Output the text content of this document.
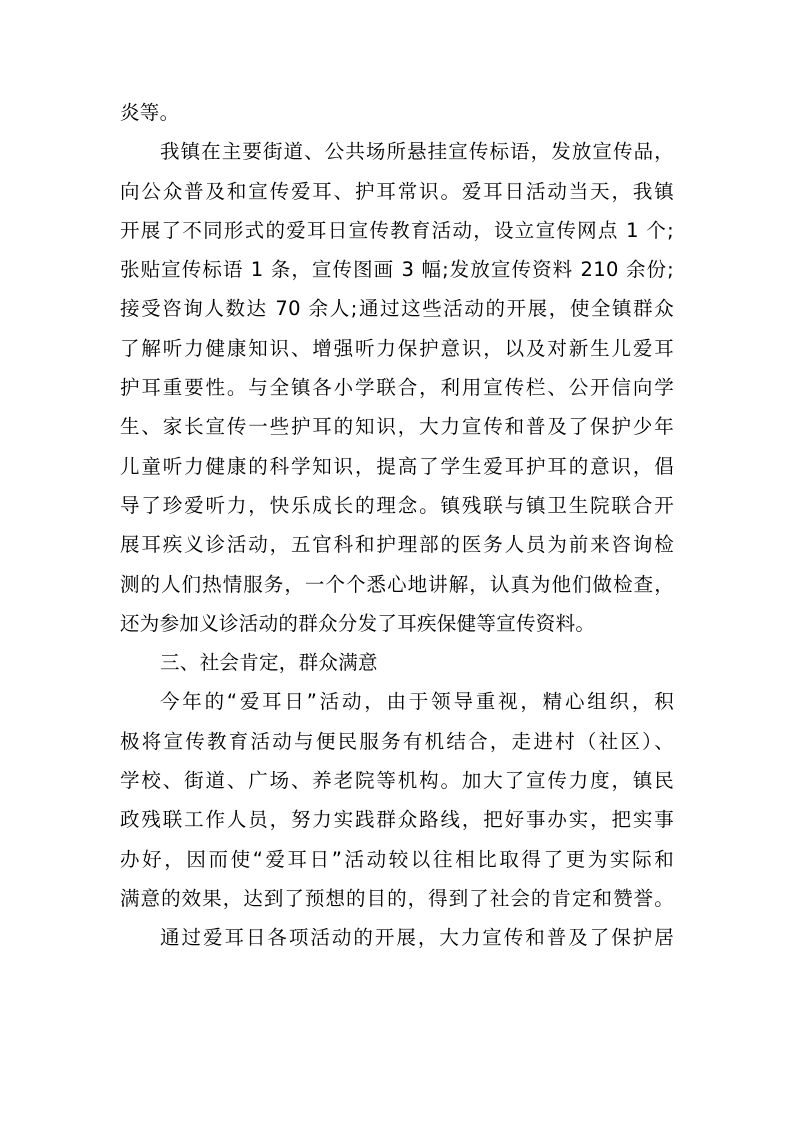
炎等。
我镇在主要街道、公共场所悬挂宣传标语，发放宣传品，
向公众普及和宣传爱耳、护耳常识。爱耳日活动当天，我镇
开展了不同形式的爱耳日宣传教育活动，设立宣传网点 1 个;
张贴宣传标语 1 条，宣传图画 3 幅;发放宣传资料 210 余份;
接受咨询人数达 70 余人;通过这些活动的开展，使全镇群众
了解听力健康知识、增强听力保护意识，以及对新生儿爱耳
护耳重要性。与全镇各小学联合，利用宣传栏、公开信向学
生、家长宣传一些护耳的知识，大力宣传和普及了保护少年
儿童听力健康的科学知识，提高了学生爱耳护耳的意识，倡
导了珍爱听力，快乐成长的理念。镇残联与镇卫生院联合开
展耳疾义诊活动，五官科和护理部的医务人员为前来咨询检
测的人们热情服务，一个个悉心地讲解，认真为他们做检查，
还为参加义诊活动的群众分发了耳疾保健等宣传资料。
三、社会肯定，群众满意
今年的“爱耳日”活动，由于领导重视，精心组织，积
极将宣传教育活动与便民服务有机结合，走进村（社区）、
学校、街道、广场、养老院等机构。加大了宣传力度，镇民
政残联工作人员，努力实践群众路线，把好事办实，把实事
办好，因而使“爱耳日”活动较以往相比取得了更为实际和
满意的效果，达到了预想的目的，得到了社会的肯定和赞誉。
通过爱耳日各项活动的开展，大力宣传和普及了保护居
